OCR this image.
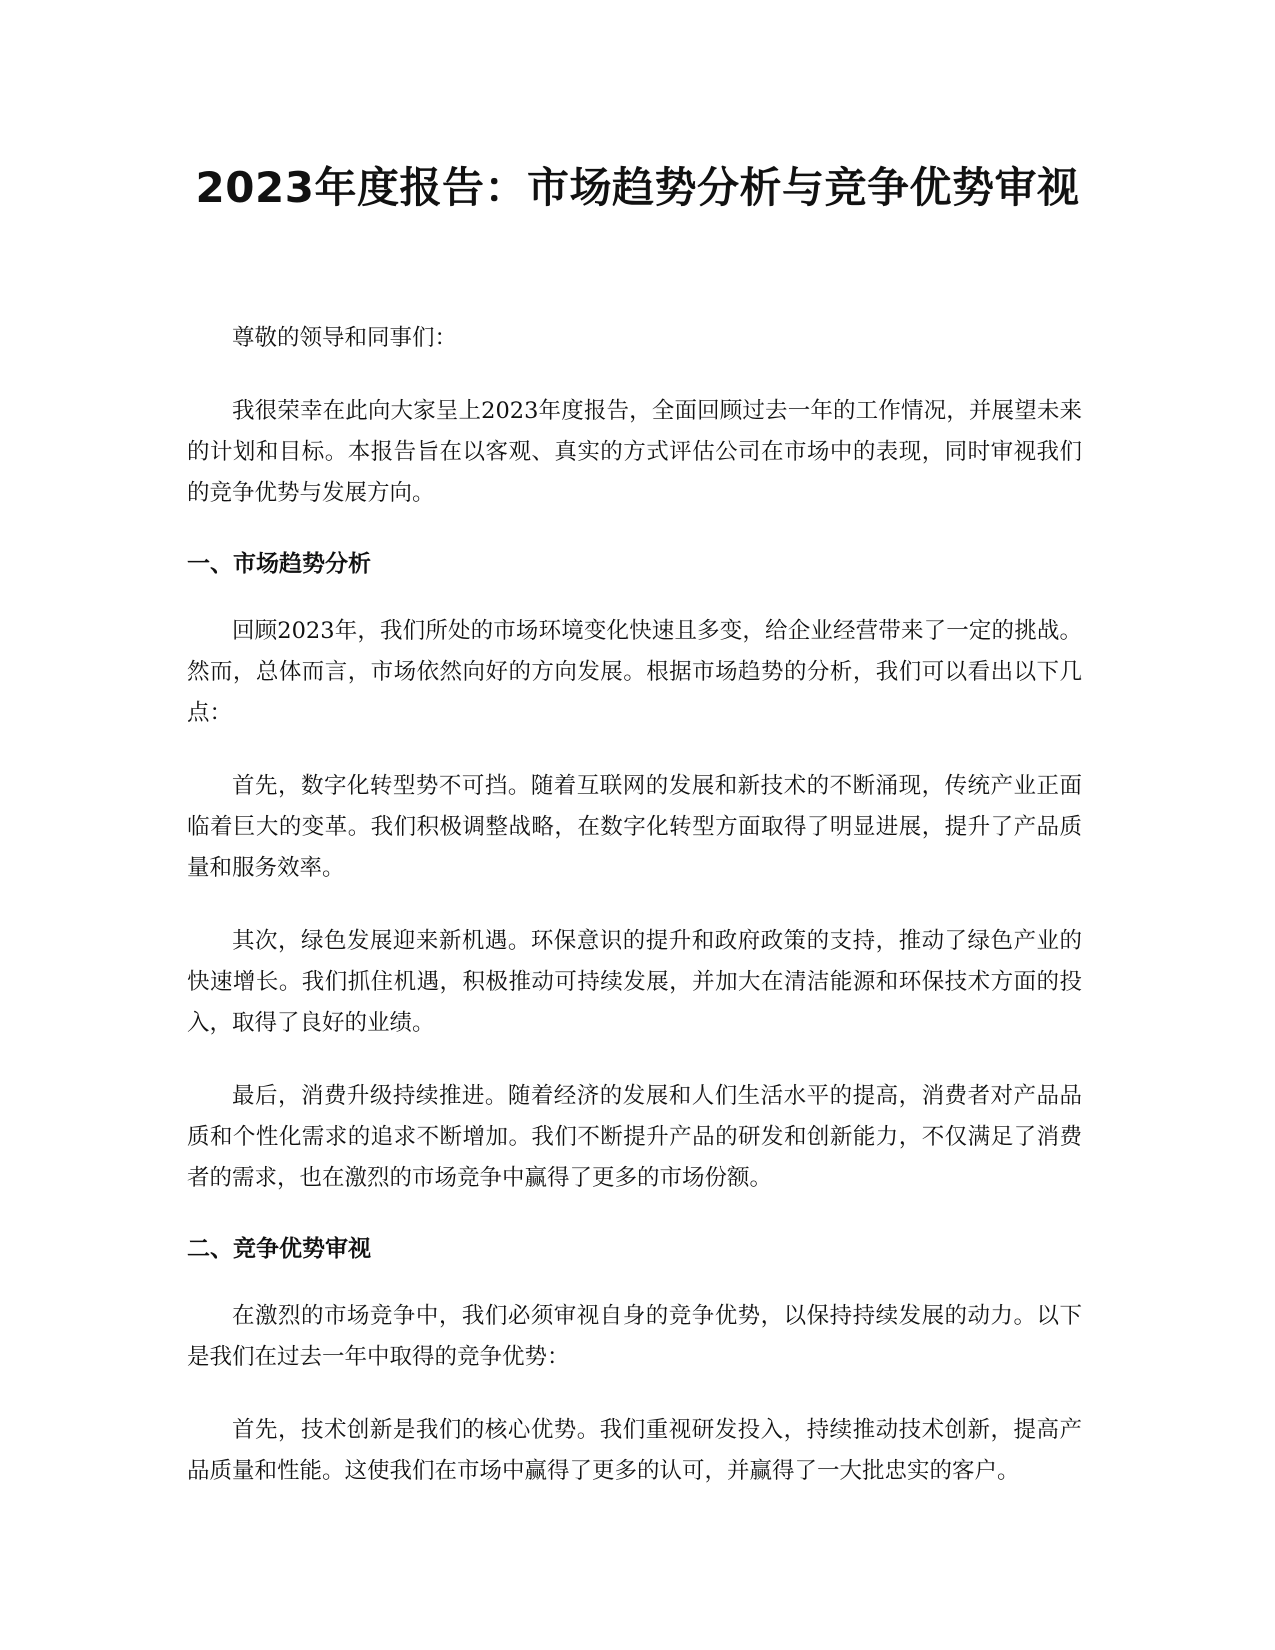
2023年度报告：市场趋势分析与竞争优势审视

尊敬的领导和同事们：

我很荣幸在此向大家呈上2023年度报告，全面回顾过去一年的工作情况，并展望未来的计划和目标。本报告旨在以客观、真实的方式评估公司在市场中的表现，同时审视我们的竞争优势与发展方向。

一、市场趋势分析

回顾2023年，我们所处的市场环境变化快速且多变，给企业经营带来了一定的挑战。然而，总体而言，市场依然向好的方向发展。根据市场趋势的分析，我们可以看出以下几点：

首先，数字化转型势不可挡。随着互联网的发展和新技术的不断涌现，传统产业正面临着巨大的变革。我们积极调整战略，在数字化转型方面取得了明显进展，提升了产品质量和服务效率。

其次，绿色发展迎来新机遇。环保意识的提升和政府政策的支持，推动了绿色产业的快速增长。我们抓住机遇，积极推动可持续发展，并加大在清洁能源和环保技术方面的投入，取得了良好的业绩。

最后，消费升级持续推进。随着经济的发展和人们生活水平的提高，消费者对产品品质和个性化需求的追求不断增加。我们不断提升产品的研发和创新能力，不仅满足了消费者的需求，也在激烈的市场竞争中赢得了更多的市场份额。

二、竞争优势审视

在激烈的市场竞争中，我们必须审视自身的竞争优势，以保持持续发展的动力。以下是我们在过去一年中取得的竞争优势：

首先，技术创新是我们的核心优势。我们重视研发投入，持续推动技术创新，提高产品质量和性能。这使我们在市场中赢得了更多的认可，并赢得了一大批忠实的客户。
